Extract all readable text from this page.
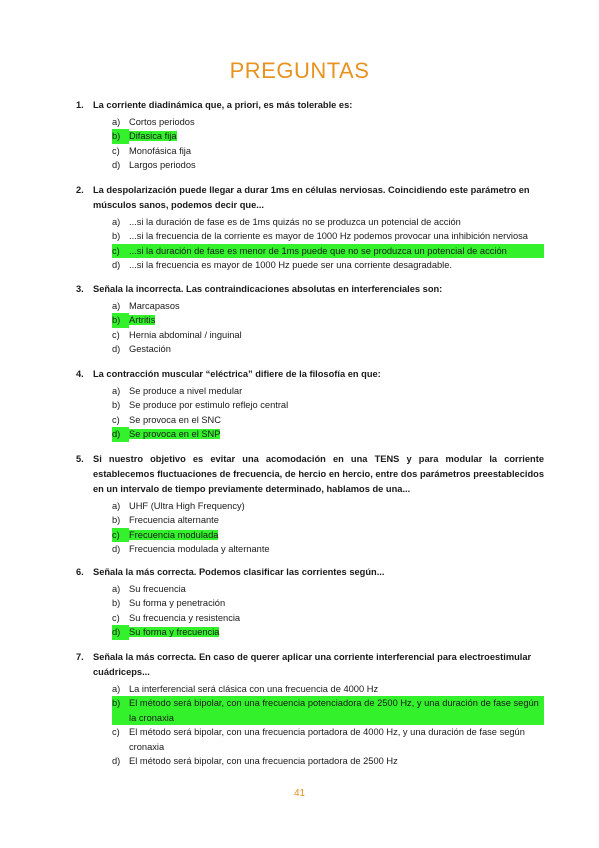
PREGUNTAS
1. La corriente diadinámica que, a priori, es más tolerable es:
a) Cortos periodos
b) Difasica fija
c) Monofásica fija
d) Largos periodos
2. La despolarización puede llegar a durar 1ms en células nerviosas. Coincidiendo este parámetro en músculos sanos, podemos decir que...
a) ...si la duración de fase es de 1ms quizás no se produzca un potencial de acción
b) ...si la frecuencia de la corriente es mayor de 1000 Hz podemos provocar una inhibición nerviosa
c) ...si la duración de fase es menor de 1ms puede que no se produzca un potencial de acción
d) ...si la frecuencia es mayor de 1000 Hz puede ser una corriente desagradable.
3. Señala la incorrecta. Las contraindicaciones absolutas en interferenciales son:
a) Marcapasos
b) Artritis
c) Hernia abdominal / inguinal
d) Gestación
4. La contracción muscular “eléctrica” difiere de la filosofía en que:
a) Se produce a nivel medular
b) Se produce por estimulo reflejo central
c) Se provoca en el SNC
d) Se provoca en el SNP
5. Si nuestro objetivo es evitar una acomodación en una TENS y para modular la corriente establecemos fluctuaciones de frecuencia, de hercio en hercio, entre dos parámetros preestablecidos en un intervalo de tiempo previamente determinado, hablamos de una...
a) UHF (Ultra High Frequency)
b) Frecuencia alternante
c) Frecuencia modulada
d) Frecuencia modulada y alternante
6. Señala la más correcta. Podemos clasificar las corrientes según...
a) Su frecuencia
b) Su forma y penetración
c) Su frecuencia y resistencia
d) Su forma y frecuencia
7. Señala la más correcta. En caso de querer aplicar una corriente interferencial para electroestimular cuádriceps...
a) La interferencial será clásica con una frecuencia de 4000 Hz
b) El método será bipolar, con una frecuencia potenciadora de 2500 Hz, y una duración de fase según la cronaxia
c) El método será bipolar, con una frecuencia portadora de 4000 Hz, y una duración de fase según cronaxia
d) El método será bipolar, con una frecuencia portadora de 2500 Hz
41
